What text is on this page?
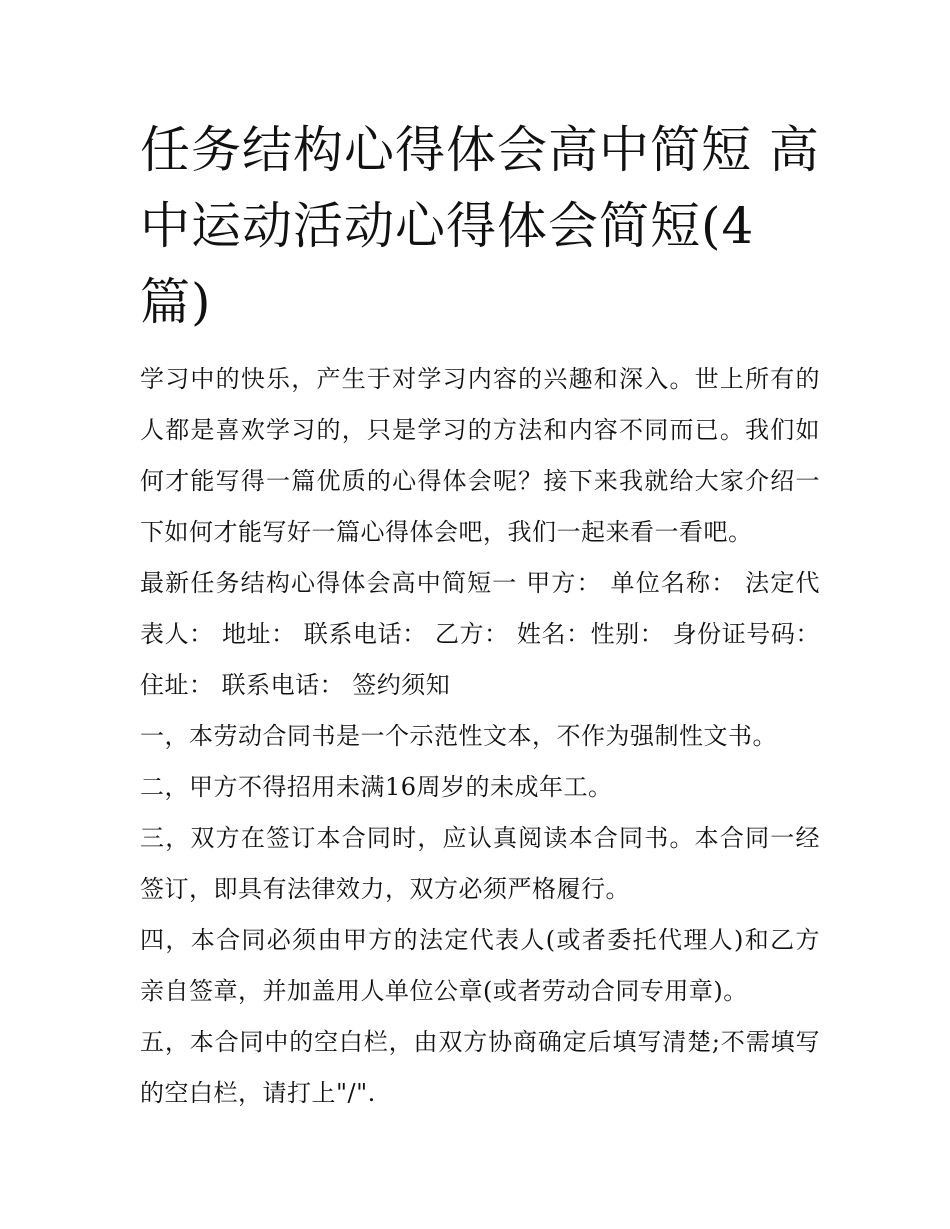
任务结构心得体会高中简短 高中运动活动心得体会简短(4篇)

学习中的快乐，产生于对学习内容的兴趣和深入。世上所有的人都是喜欢学习的，只是学习的方法和内容不同而已。我们如何才能写得一篇优质的心得体会呢？接下来我就给大家介绍一下如何才能写好一篇心得体会吧，我们一起来看一看吧。

最新任务结构心得体会高中简短一 甲方： 单位名称： 法定代表人： 地址： 联系电话： 乙方： 姓名：性别： 身份证号码： 住址： 联系电话： 签约须知

一，本劳动合同书是一个示范性文本，不作为强制性文书。

二，甲方不得招用未满16周岁的未成年工。

三，双方在签订本合同时，应认真阅读本合同书。本合同一经签订，即具有法律效力，双方必须严格履行。

四，本合同必须由甲方的法定代表人(或者委托代理人)和乙方亲自签章，并加盖用人单位公章(或者劳动合同专用章)。

五，本合同中的空白栏，由双方协商确定后填写清楚;不需填写的空白栏，请打上"/".
